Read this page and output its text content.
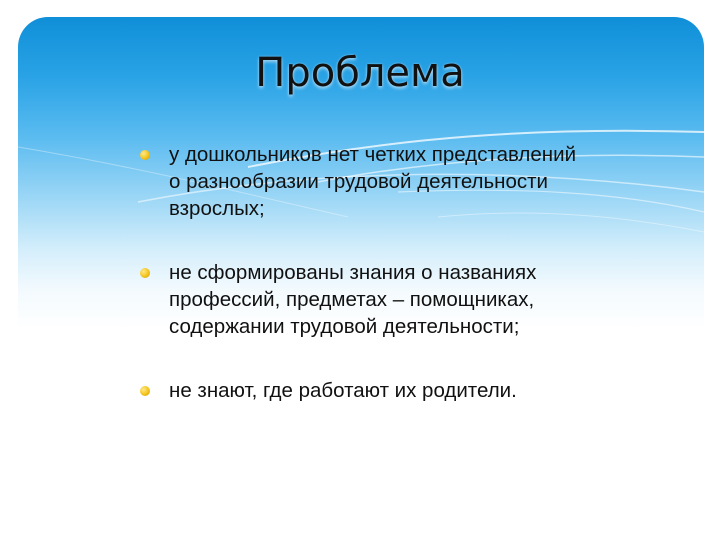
Проблема
у дошкольников нет четких представлений о разнообразии трудовой деятельности взрослых;
не сформированы знания о названиях профессий, предметах – помощниках, содержании трудовой деятельности;
не знают, где работают их родители.
